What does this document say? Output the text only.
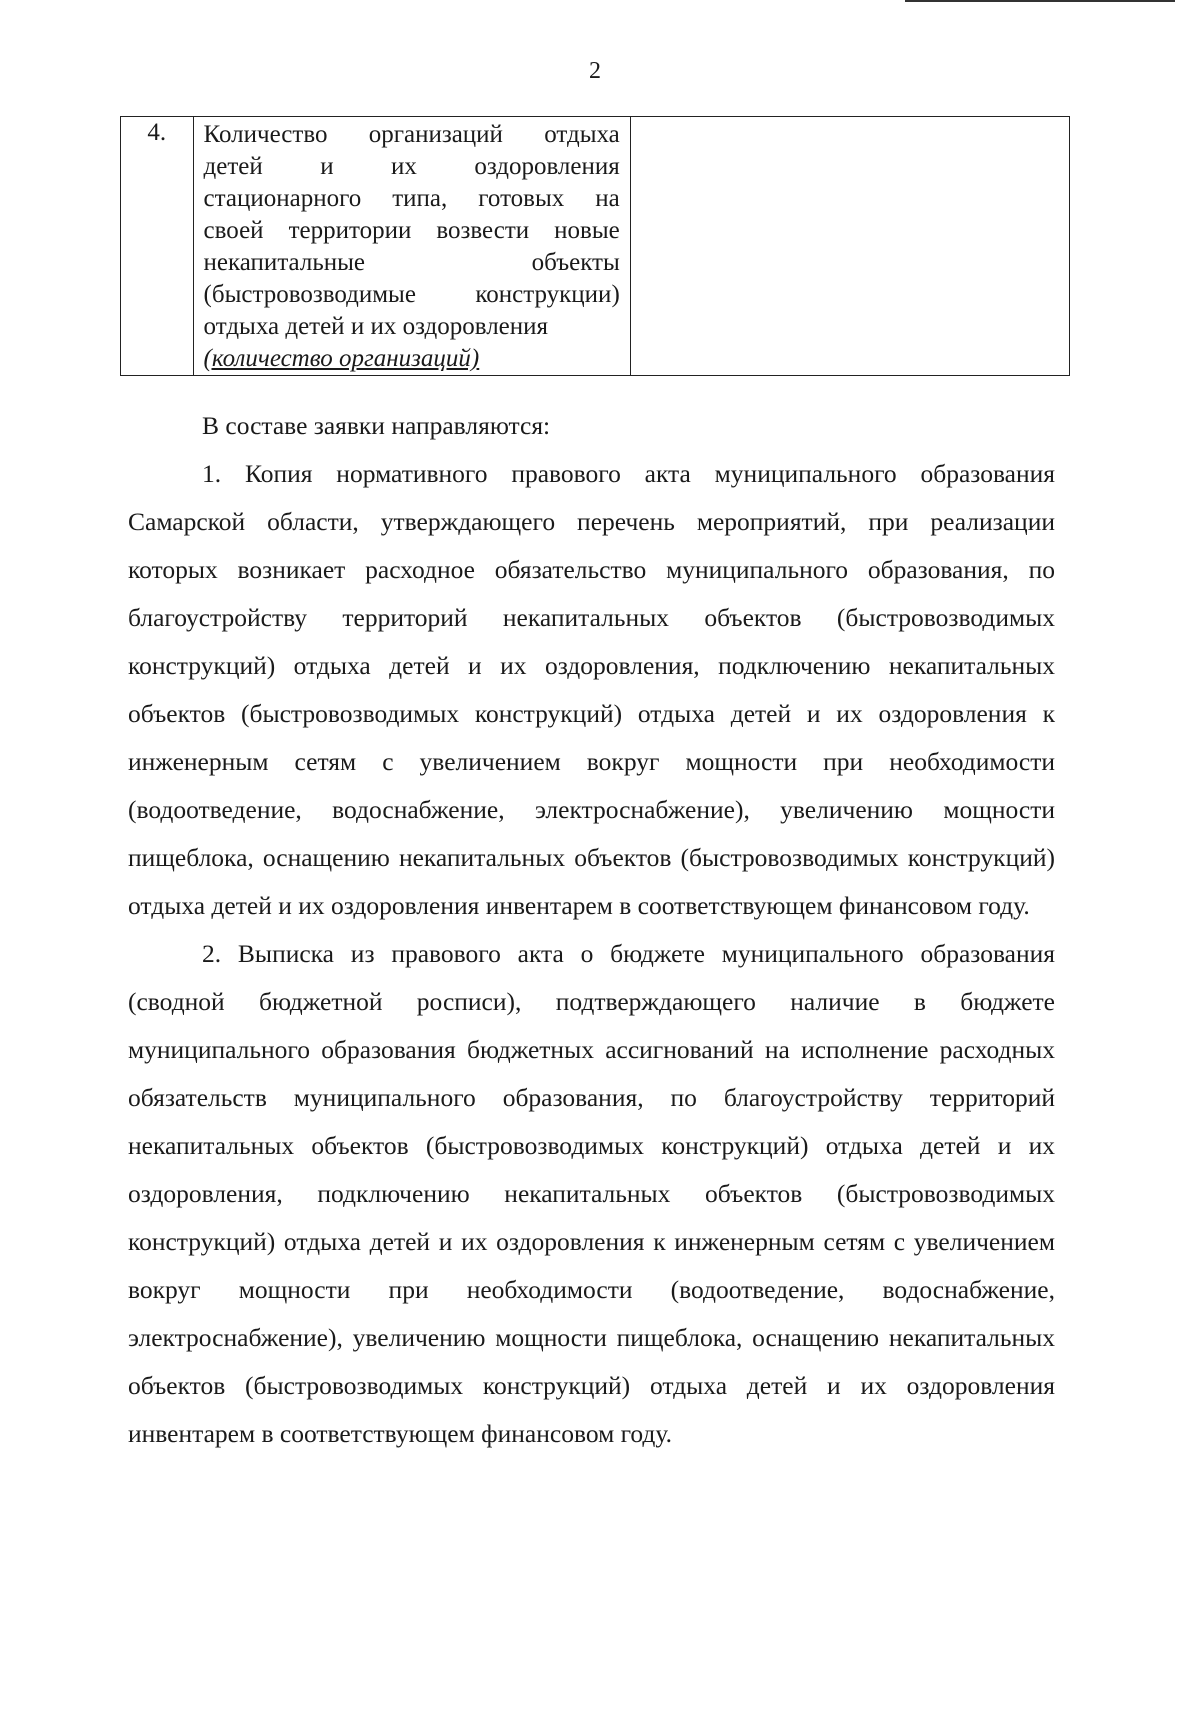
2
4.	Количество организаций отдыха
детей и их оздоровления
стационарного типа, готовых на
своей территории возвести новые
некапитальные объекты
(быстровозводимые конструкции)
отдыха детей и их оздоровления
(количество организаций)

В составе заявки направляются:

1. Копия нормативного правового акта муниципального образования Самарской области, утверждающего перечень мероприятий, при реализации которых возникает расходное обязательство муниципального образования, по благоустройству территорий некапитальных объектов (быстровозводимых конструкций) отдыха детей и их оздоровления, подключению некапитальных объектов (быстровозводимых конструкций) отдыха детей и их оздоровления к инженерным сетям с увеличением вокруг мощности при необходимости (водоотведение, водоснабжение, электроснабжение), увеличению мощности пищеблока, оснащению некапитальных объектов (быстровозводимых конструкций) отдыха детей и их оздоровления инвентарем в соответствующем финансовом году.

2. Выписка из правового акта о бюджете муниципального образования (сводной бюджетной росписи), подтверждающего наличие в бюджете муниципального образования бюджетных ассигнований на исполнение расходных обязательств муниципального образования, по благоустройству территорий некапитальных объектов (быстровозводимых конструкций) отдыха детей и их оздоровления, подключению некапитальных объектов (быстровозводимых конструкций) отдыха детей и их оздоровления к инженерным сетям с увеличением вокруг мощности при необходимости (водоотведение, водоснабжение, электроснабжение), увеличению мощности пищеблока, оснащению некапитальных объектов (быстровозводимых конструкций) отдыха детей и их оздоровления инвентарем в соответствующем финансовом году.
